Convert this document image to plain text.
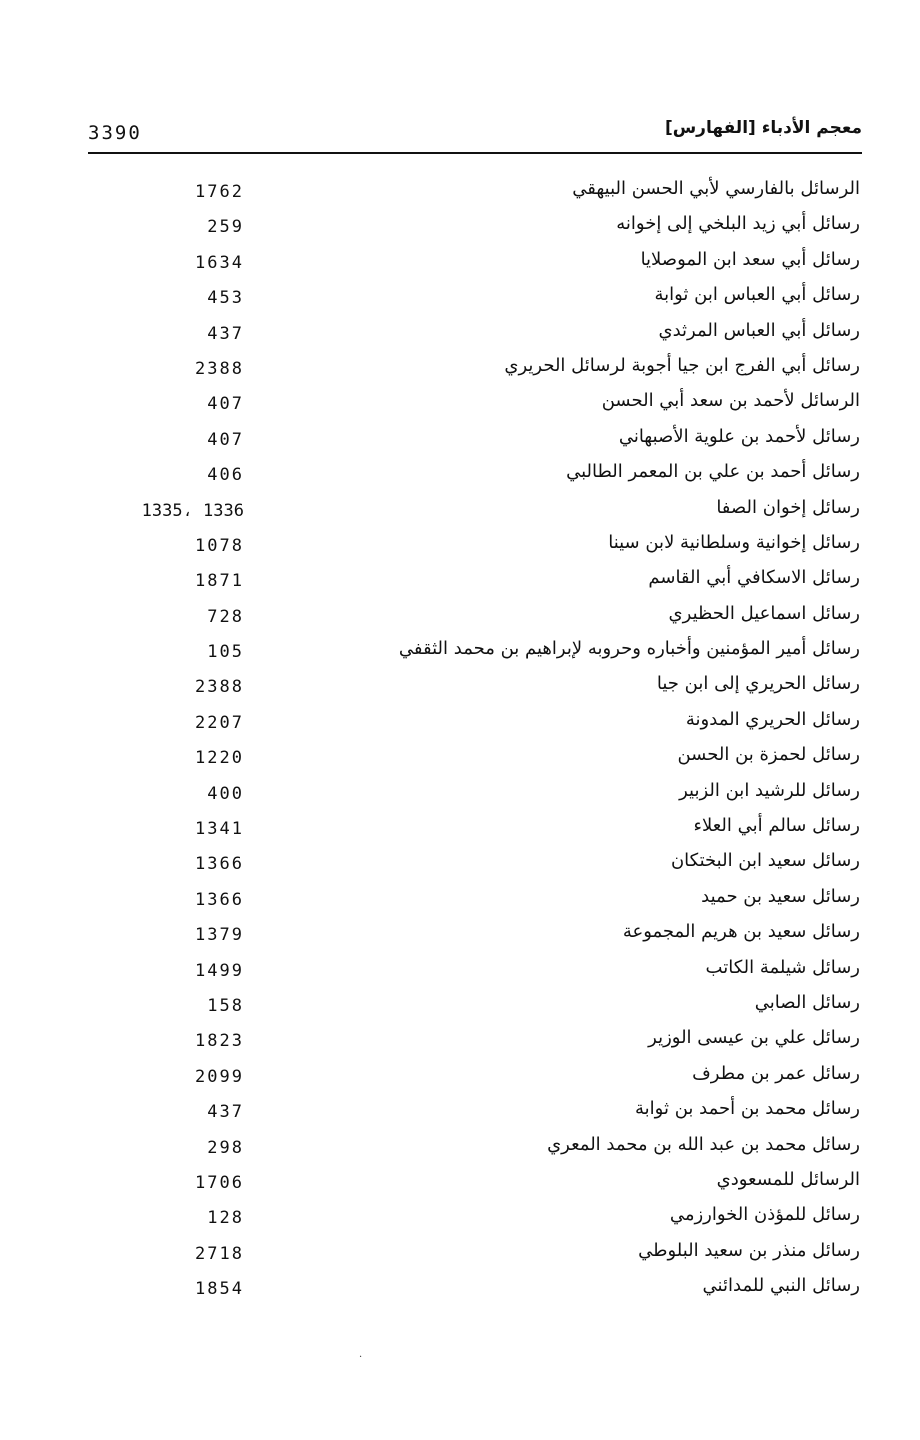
3390	معجم الأدباء [الفهارس]
الرسائل بالفارسي لأبي الحسن البيهقي
1762
رسائل أبي زيد البلخي إلى إخوانه
259
رسائل أبي سعد ابن الموصلايا
1634
رسائل أبي العباس ابن ثوابة
453
رسائل أبي العباس المرثدي
437
رسائل أبي الفرج ابن جيا أجوبة لرسائل الحريري
2388
الرسائل لأحمد بن سعد أبي الحسن
407
رسائل لأحمد بن علوية الأصبهاني
407
رسائل أحمد بن علي بن المعمر الطالبي
406
رسائل إخوان الصفا
1335، 1336
رسائل إخوانية وسلطانية لابن سينا
1078
رسائل الاسكافي أبي القاسم
1871
رسائل اسماعيل الحظيري
728
رسائل أمير المؤمنين وأخباره وحروبه لإبراهيم بن محمد الثقفي
105
رسائل الحريري إلى ابن جيا
2388
رسائل الحريري المدونة
2207
رسائل لحمزة بن الحسن
1220
رسائل للرشيد ابن الزبير
400
رسائل سالم أبي العلاء
1341
رسائل سعيد ابن البختكان
1366
رسائل سعيد بن حميد
1366
رسائل سعيد بن هريم المجموعة
1379
رسائل شيلمة الكاتب
1499
رسائل الصابي
158
رسائل علي بن عيسى الوزير
1823
رسائل عمر بن مطرف
2099
رسائل محمد بن أحمد بن ثوابة
437
رسائل محمد بن عبد الله بن محمد المعري
298
الرسائل للمسعودي
1706
رسائل للمؤذن الخوارزمي
128
رسائل منذر بن سعيد البلوطي
2718
رسائل النبي للمدائني
1854
·
